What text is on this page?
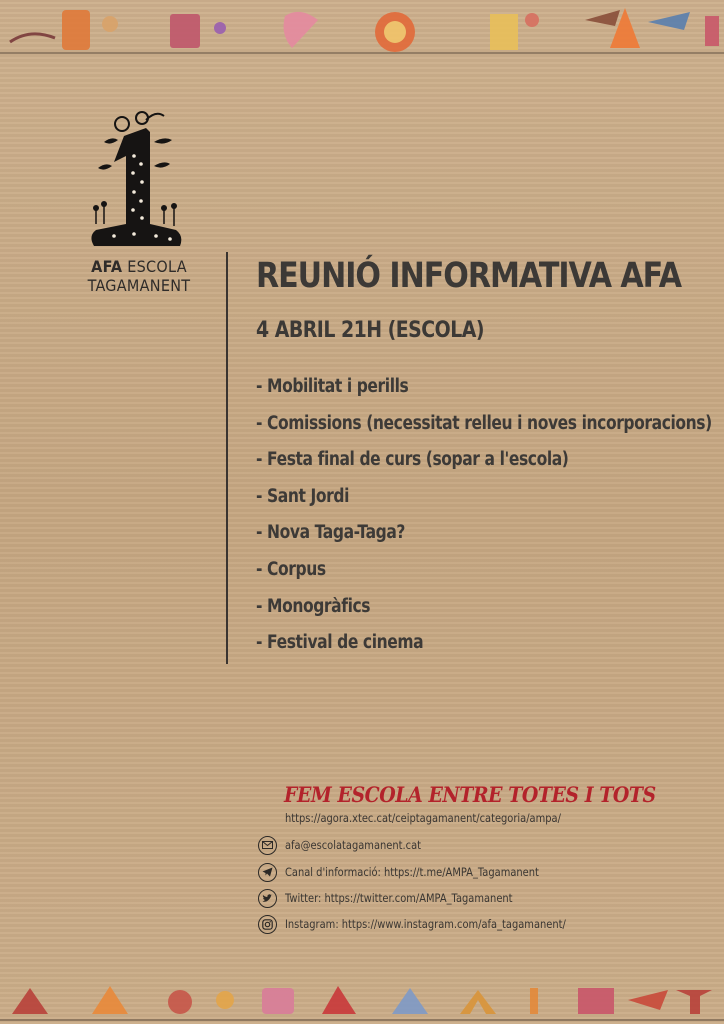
AFA ESCOLA
TAGAMANENT REUNIÓ INFORMATIVA AFA
4 ABRIL 21H (ESCOLA)
- Mobilitat i perills
- Comissions (necessitat relleu i noves incorporacions)
- Festa final de curs (sopar a l'escola)
- Sant Jordi
- Nova Taga-Taga?
- Corpus
- Monogràfics
- Festival de cinema
FEM ESCOLA ENTRE TOTES I TOTS
https://agora.xtec.cat/ceiptagamanent/categoria/ampa/
afa@escolatagamanent.cat
Canal d'informació: https://t.me/AMPA_Tagamanent
Twitter: https://twitter.com/AMPA_Tagamanent
Instagram: https://www.instagram.com/afa_tagamanent/
